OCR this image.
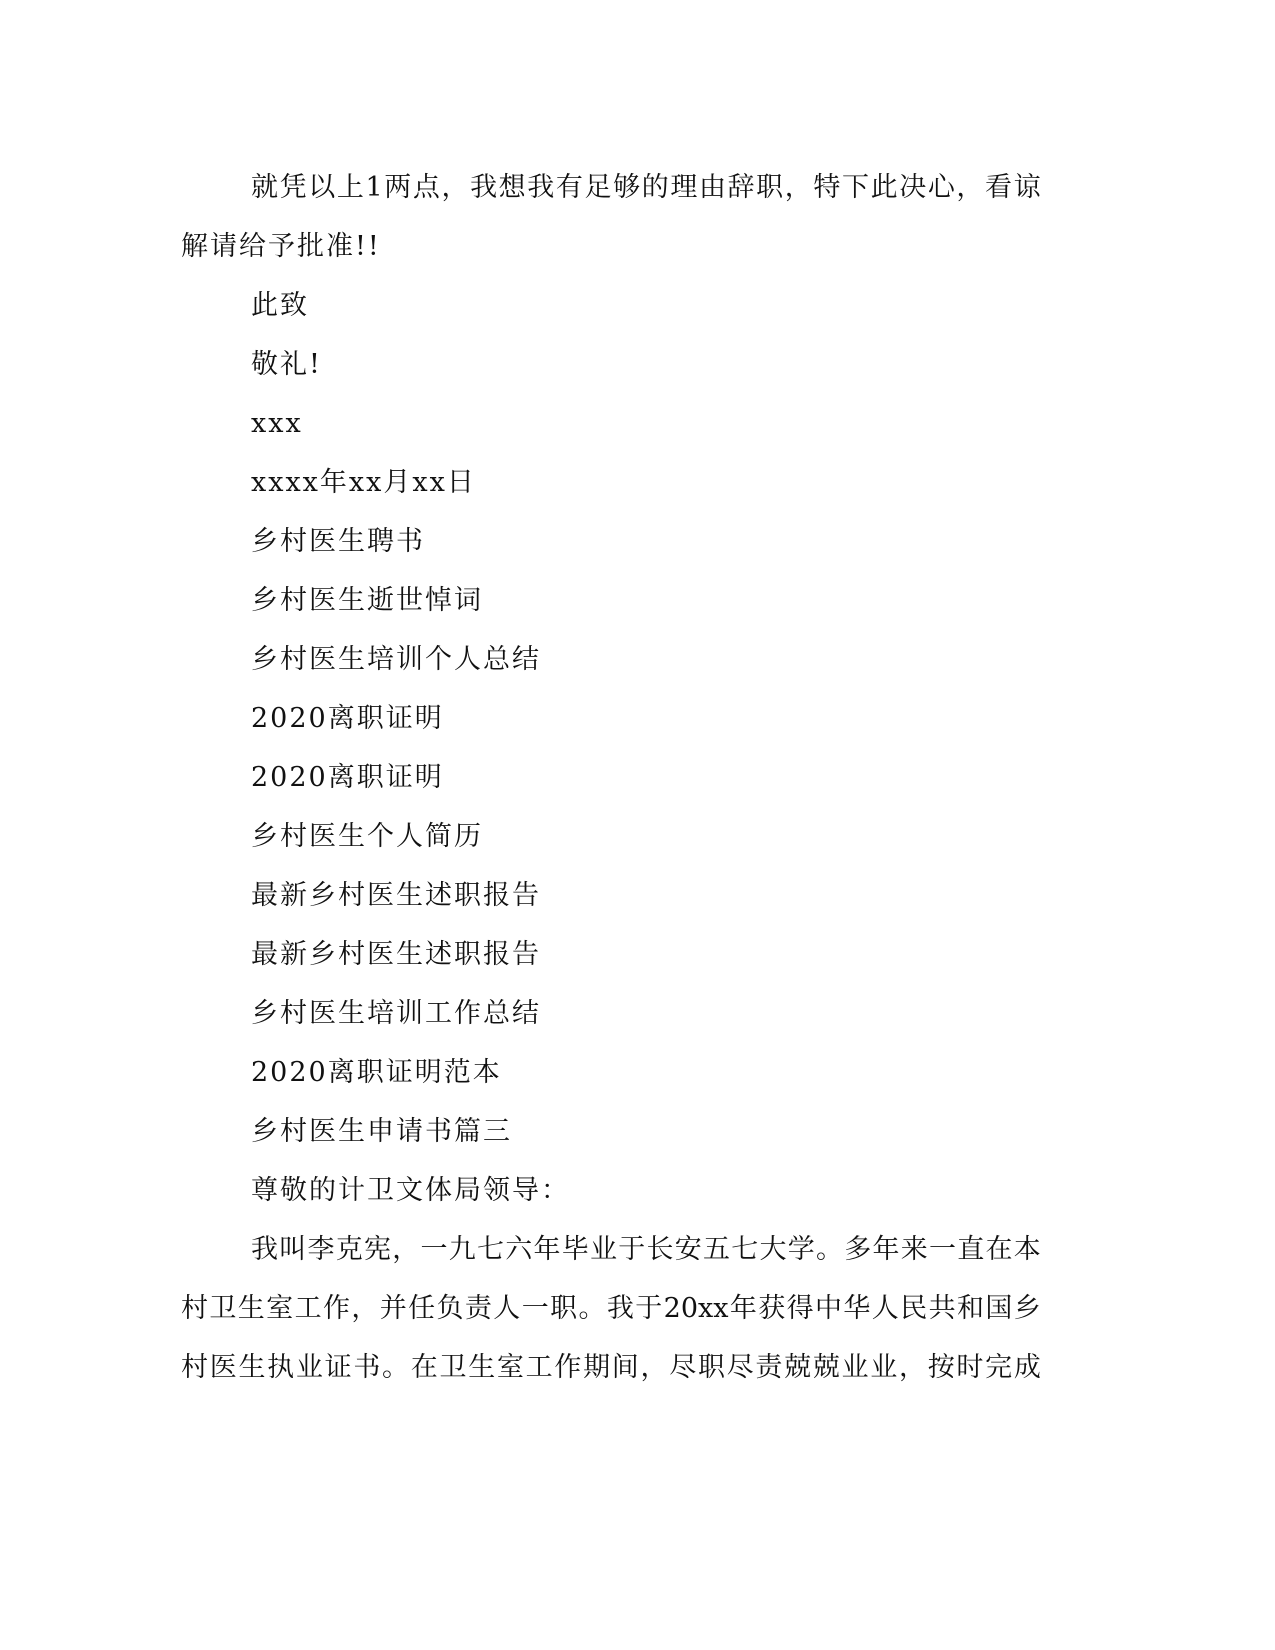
就 凭 以 上 1 两 点 ， 我 想 我 有 足 够 的 理 由 辞 职 ， 特 下 此 决 心 ， 看 谅
解请给予批准!!
此致
敬礼!
xxx
xxxx年xx月xx日
乡村医生聘书
乡村医生逝世悼词
乡村医生培训个人总结
2020离职证明
2020离职证明
乡村医生个人简历
最新乡村医生述职报告
最新乡村医生述职报告
乡村医生培训工作总结
2020离职证明范本
乡村医生申请书篇三
尊敬的计卫文体局领导：
我 叫 李 克 宪 ， 一 九 七 六 年 毕 业 于 长 安 五 七 大 学 。 多 年 来 一 直 在 本
村 卫 生 室 工 作 ， 并 任 负 责 人 一 职 。 我 于 20xx 年 获 得 中 华 人 民 共 和 国 乡
村 医 生 执 业 证 书 。 在 卫 生 室 工 作 期 间 ， 尽 职 尽 责 兢 兢 业 业 ， 按 时 完 成
